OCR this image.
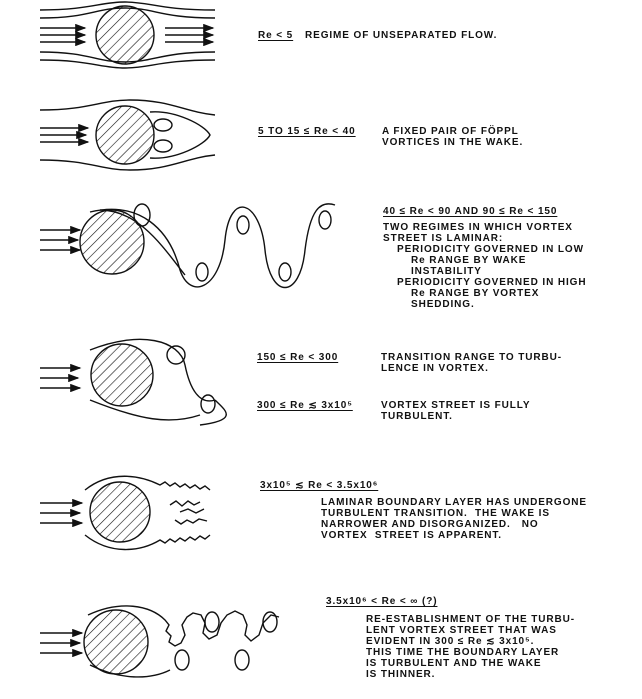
Re < 5 REGIME OF UNSEPARATED FLOW.
5 TO 15 ≤ Re < 40	A FIXED PAIR OF FÖPPL
VORTICES IN THE WAKE.
40 ≤ Re < 90 AND 90 ≤ Re < 150
TWO REGIMES IN WHICH VORTEX
STREET IS LAMINAR:
PERIODICITY GOVERNED IN LOW
Re RANGE BY WAKE
INSTABILITY
PERIODICITY GOVERNED IN HIGH
Re RANGE BY VORTEX
SHEDDING.
150 ≤ Re < 300	TRANSITION RANGE TO TURBU-
LENCE IN VORTEX.
300 ≤ Re ≲ 3x10⁵	VORTEX STREET IS FULLY
TURBULENT.
3x10⁵ ≲ Re < 3.5x10⁶
LAMINAR BOUNDARY LAYER HAS UNDERGONE
TURBULENT TRANSITION.  THE WAKE IS
NARROWER AND DISORGANIZED.   NO
VORTEX  STREET IS APPARENT.
3.5x10⁶ < Re < ∞ (?)
RE-ESTABLISHMENT OF THE TURBU-
LENT VORTEX STREET THAT WAS
EVIDENT IN 300 ≤ Re ≲ 3x10⁵.
THIS TIME THE BOUNDARY LAYER
IS TURBULENT AND THE WAKE
IS THINNER.
